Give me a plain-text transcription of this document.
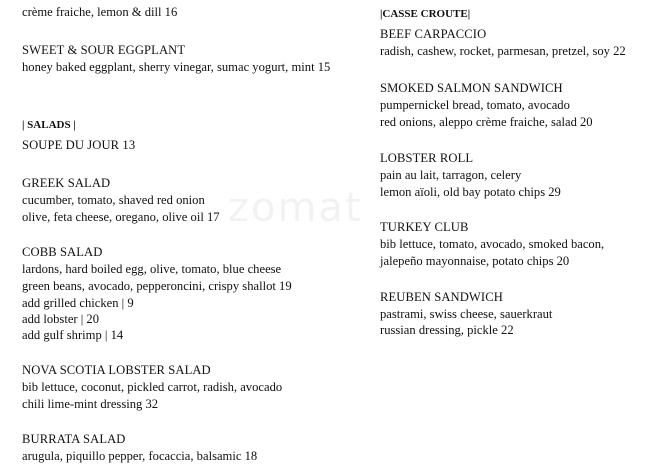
zomat
crème fraiche, lemon & dill 16
SWEET & SOUR EGGPLANT
honey baked eggplant, sherry vinegar, sumac yogurt, mint 15
| SALADS |
SOUPE DU JOUR 13
GREEK SALAD
cucumber, tomato, shaved red onion
olive, feta cheese, oregano, olive oil 17
COBB SALAD
lardons, hard boiled egg, olive, tomato, blue cheese
green beans, avocado, pepperoncini, crispy shallot 19
add grilled chicken | 9
add lobster | 20
add gulf shrimp | 14
NOVA SCOTIA LOBSTER SALAD
bib lettuce, coconut, pickled carrot, radish, avocado
chili lime-mint dressing 32
BURRATA SALAD
arugula, piquillo pepper, focaccia, balsamic 18
|CASSE CROUTE|
BEEF CARPACCIO
radish, cashew, rocket, parmesan, pretzel, soy 22
SMOKED SALMON SANDWICH
pumpernickel bread, tomato, avocado
red onions, aleppo crème fraiche, salad 20
LOBSTER ROLL
pain au lait, tarragon, celery
lemon aïoli, old bay potato chips 29
TURKEY CLUB
bib lettuce, tomato, avocado, smoked bacon,
jalepeño mayonnaise, potato chips 20
REUBEN SANDWICH
pastrami, swiss cheese, sauerkraut
russian dressing, pickle 22
